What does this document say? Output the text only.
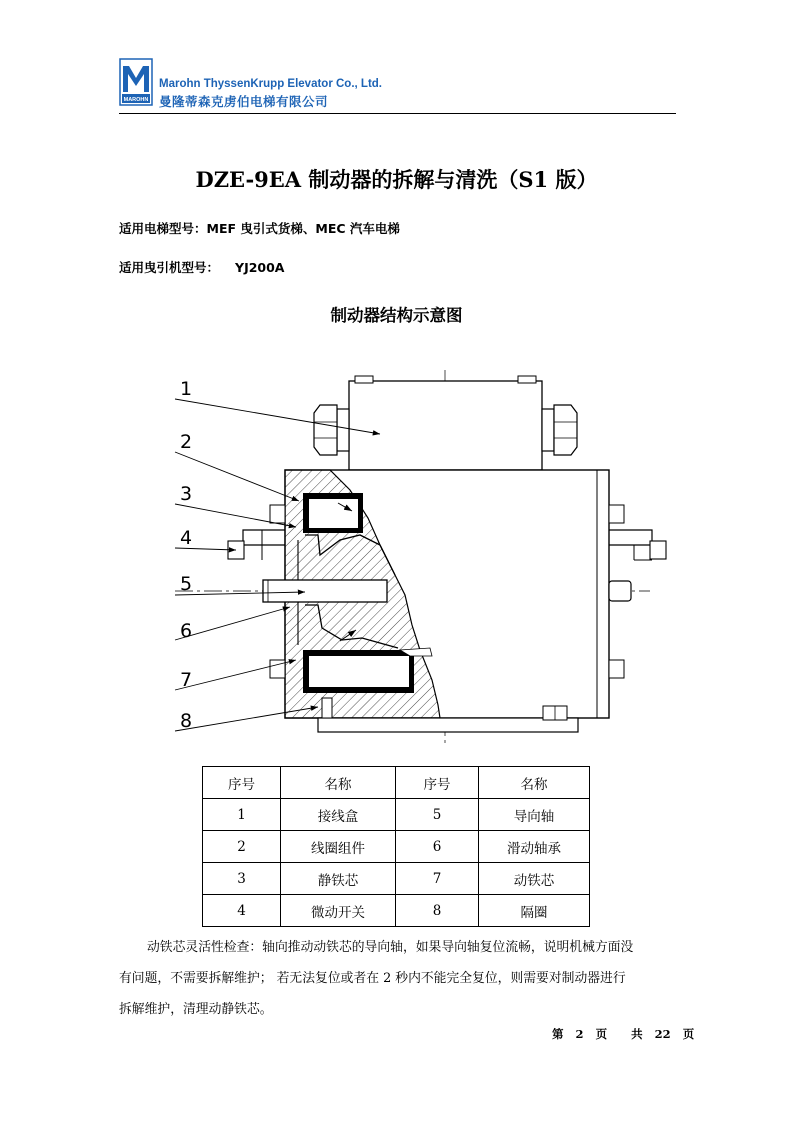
MAROHN
Marohn ThyssenKrupp Elevator Co., Ltd.
曼隆蒂森克虏伯电梯有限公司
DZE-9EA 制动器的拆解与清洗（S1 版）
适用电梯型号：MEF 曳引式货梯、MEC 汽车电梯
适用曳引机型号： YJ200A
制动器结构示意图
1
2
3
4
5
6
7
8
序号	名称	序号	名称
1	接线盒	5	导向轴
2	线圈组件	6	滑动轴承
3	静铁芯	7	动铁芯
4	微动开关	8	隔圈
动铁芯灵活性检查：轴向推动动铁芯的导向轴，如果导向轴复位流畅，说明机械方面没
有问题，不需要拆解维护； 若无法复位或者在 2 秒内不能完全复位，则需要对制动器进行
拆解维护，清理动静铁芯。
第 2 页 共 22 页
